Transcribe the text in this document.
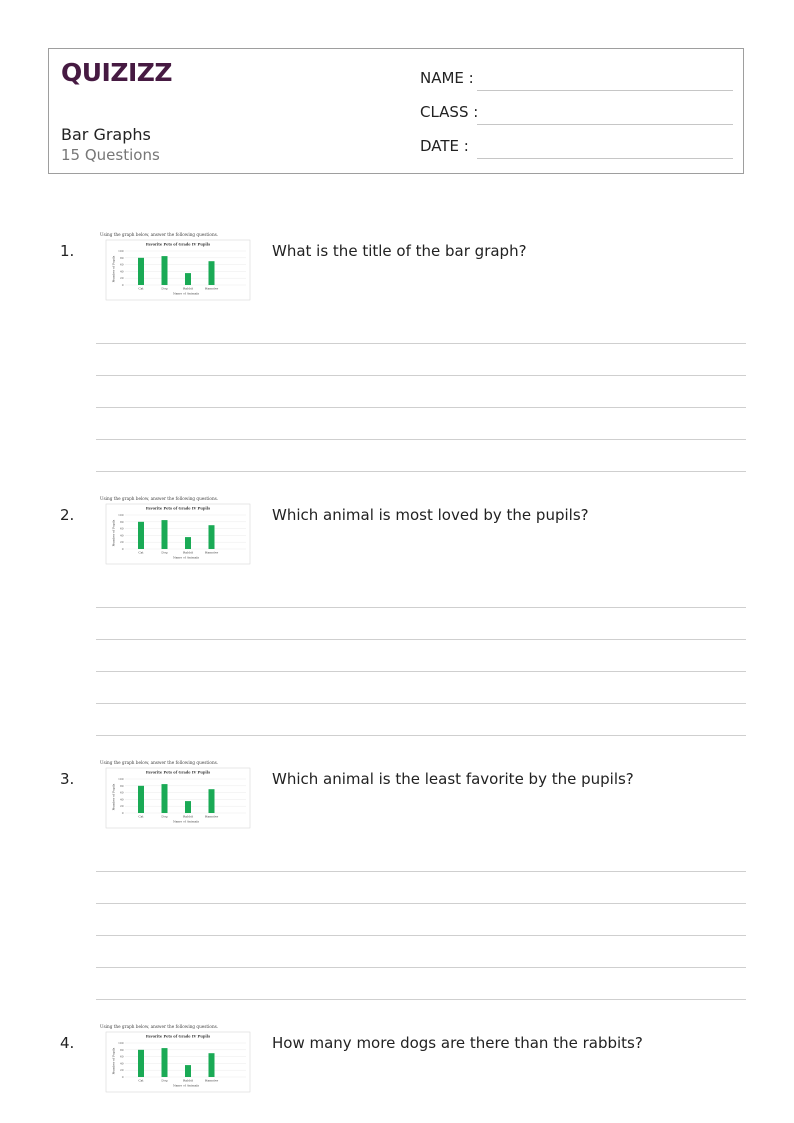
QUIZIZZ
Bar Graphs
15 Questions
NAME :
CLASS :
DATE :
1.
Using the graph below, answer the following questions.
Favorite Pets of Grade IV Pupils
Number of Pupils
100
80
60
40
20
0
Cat	Dog	Rabbit	Hamster
Name of Animals
What is the title of the bar graph?
2.
Using the graph below, answer the following questions.
Favorite Pets of Grade IV Pupils
Number of Pupils
100
80
60
40
20
0
Cat	Dog	Rabbit	Hamster
Name of Animals
Which animal is most loved by the pupils?
3.
Using the graph below, answer the following questions.
Favorite Pets of Grade IV Pupils
Number of Pupils
100
80
60
40
20
0
Cat	Dog	Rabbit	Hamster
Name of Animals
Which animal is the least favorite by the pupils?
4.
Using the graph below, answer the following questions.
Favorite Pets of Grade IV Pupils
Number of Pupils
100
80
60
40
20
0
Cat	Dog	Rabbit	Hamster
Name of Animals
How many more dogs are there than the rabbits?
